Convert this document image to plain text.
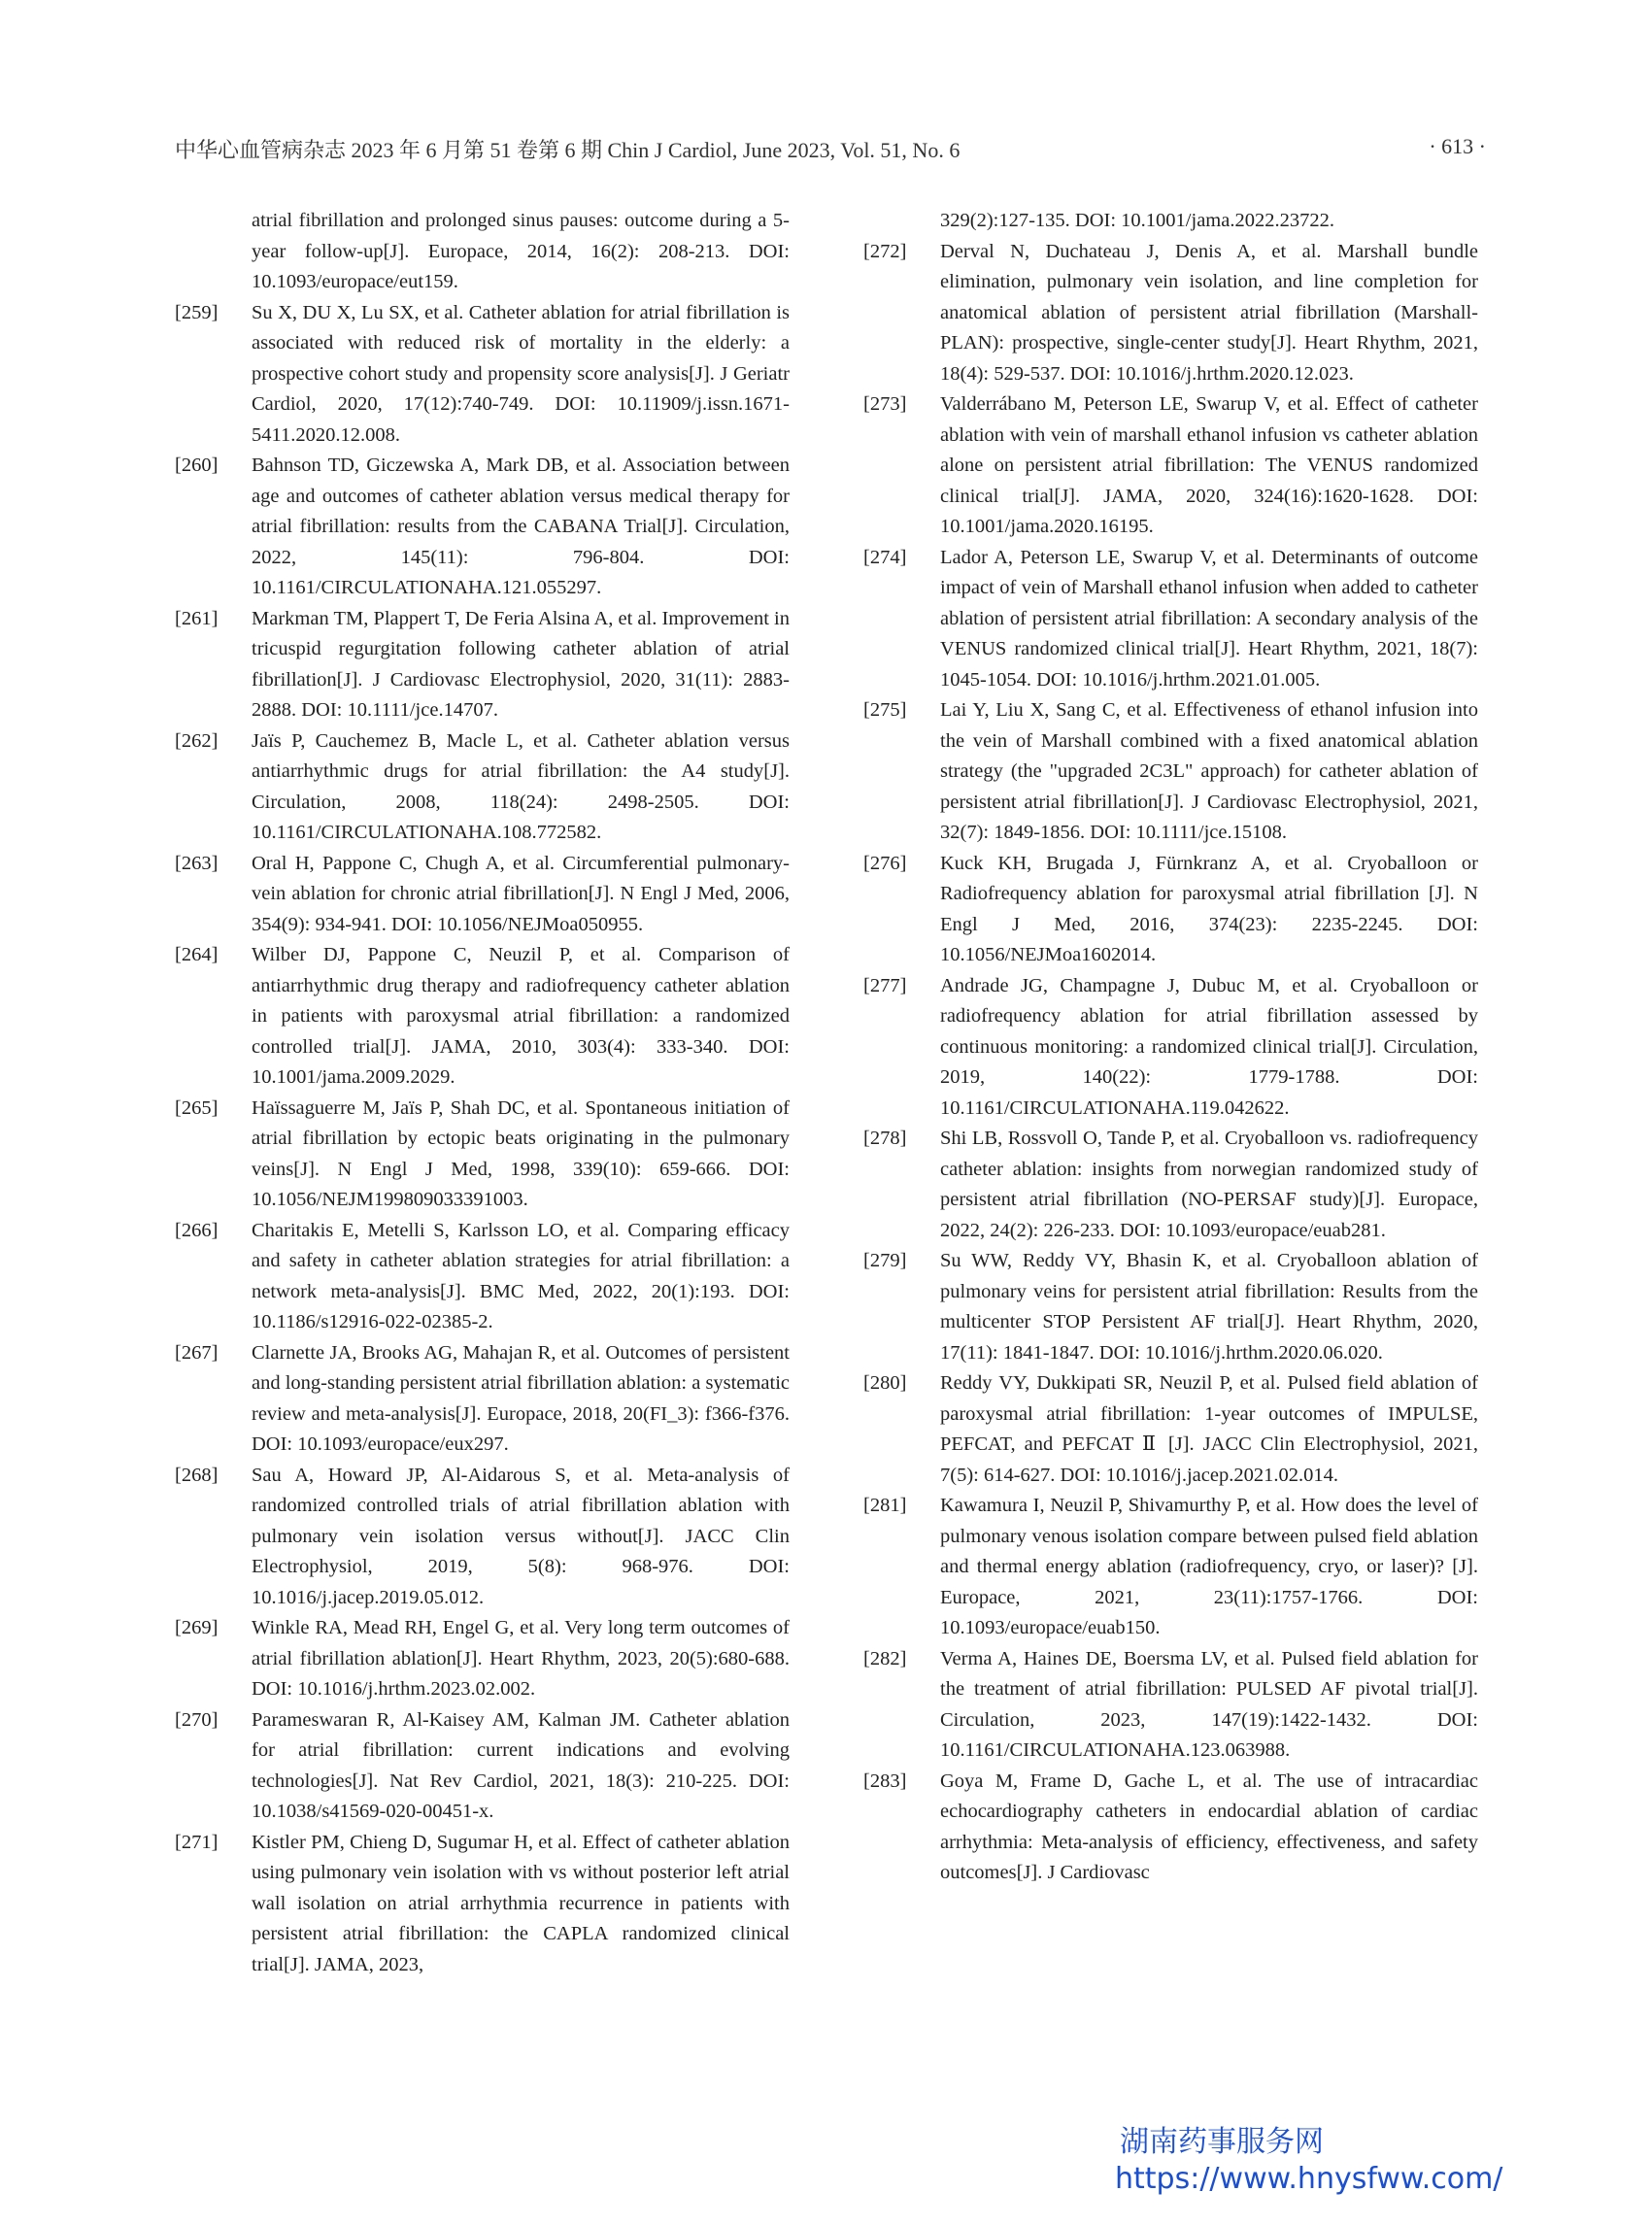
中华心血管病杂志 2023 年 6 月第 51 卷第 6 期 Chin J Cardiol, June 2023, Vol. 51, No. 6	· 613 ·
atrial fibrillation and prolonged sinus pauses: outcome during a 5-year follow-up[J]. Europace, 2014, 16(2): 208-213. DOI: 10.1093/europace/eut159.
[259]	Su X, DU X, Lu SX, et al. Catheter ablation for atrial fibrillation is associated with reduced risk of mortality in the elderly: a prospective cohort study and propensity score analysis[J]. J Geriatr Cardiol, 2020, 17(12):740-749. DOI: 10.11909/j.issn.1671-5411.2020.12.008.
[260]	Bahnson TD, Giczewska A, Mark DB, et al. Association between age and outcomes of catheter ablation versus medical therapy for atrial fibrillation: results from the CABANA Trial[J]. Circulation, 2022, 145(11): 796-804. DOI: 10.1161/CIRCULATIONAHA.121.055297.
[261]	Markman TM, Plappert T, De Feria Alsina A, et al. Improvement in tricuspid regurgitation following catheter ablation of atrial fibrillation[J]. J Cardiovasc Electrophysiol, 2020, 31(11): 2883-2888. DOI: 10.1111/jce.14707.
[262]	Jaïs P, Cauchemez B, Macle L, et al. Catheter ablation versus antiarrhythmic drugs for atrial fibrillation: the A4 study[J]. Circulation, 2008, 118(24): 2498-2505. DOI: 10.1161/CIRCULATIONAHA.108.772582.
[263]	Oral H, Pappone C, Chugh A, et al. Circumferential pulmonary-vein ablation for chronic atrial fibrillation[J]. N Engl J Med, 2006, 354(9): 934-941. DOI: 10.1056/NEJMoa050955.
[264]	Wilber DJ, Pappone C, Neuzil P, et al. Comparison of antiarrhythmic drug therapy and radiofrequency catheter ablation in patients with paroxysmal atrial fibrillation: a randomized controlled trial[J]. JAMA, 2010, 303(4): 333-340. DOI: 10.1001/jama.2009.2029.
[265]	Haïssaguerre M, Jaïs P, Shah DC, et al. Spontaneous initiation of atrial fibrillation by ectopic beats originating in the pulmonary veins[J]. N Engl J Med, 1998, 339(10): 659-666. DOI: 10.1056/NEJM199809033391003.
[266]	Charitakis E, Metelli S, Karlsson LO, et al. Comparing efficacy and safety in catheter ablation strategies for atrial fibrillation: a network meta-analysis[J]. BMC Med, 2022, 20(1):193. DOI: 10.1186/s12916-022-02385-2.
[267]	Clarnette JA, Brooks AG, Mahajan R, et al. Outcomes of persistent and long-standing persistent atrial fibrillation ablation: a systematic review and meta-analysis[J]. Europace, 2018, 20(FI_3): f366-f376. DOI: 10.1093/europace/eux297.
[268]	Sau A, Howard JP, Al-Aidarous S, et al. Meta-analysis of randomized controlled trials of atrial fibrillation ablation with pulmonary vein isolation versus without[J]. JACC Clin Electrophysiol, 2019, 5(8): 968-976. DOI: 10.1016/j.jacep.2019.05.012.
[269]	Winkle RA, Mead RH, Engel G, et al. Very long term outcomes of atrial fibrillation ablation[J]. Heart Rhythm, 2023, 20(5):680-688. DOI: 10.1016/j.hrthm.2023.02.002.
[270]	Parameswaran R, Al-Kaisey AM, Kalman JM. Catheter ablation for atrial fibrillation: current indications and evolving technologies[J]. Nat Rev Cardiol, 2021, 18(3): 210-225. DOI: 10.1038/s41569-020-00451-x.
[271]	Kistler PM, Chieng D, Sugumar H, et al. Effect of catheter ablation using pulmonary vein isolation with vs without posterior left atrial wall isolation on atrial arrhythmia recurrence in patients with persistent atrial fibrillation: the CAPLA randomized clinical trial[J]. JAMA, 2023,
329(2):127-135. DOI: 10.1001/jama.2022.23722.
[272]	Derval N, Duchateau J, Denis A, et al. Marshall bundle elimination, pulmonary vein isolation, and line completion for anatomical ablation of persistent atrial fibrillation (Marshall-PLAN): prospective, single-center study[J]. Heart Rhythm, 2021, 18(4): 529-537. DOI: 10.1016/j.hrthm.2020.12.023.
[273]	Valderrábano M, Peterson LE, Swarup V, et al. Effect of catheter ablation with vein of marshall ethanol infusion vs catheter ablation alone on persistent atrial fibrillation: The VENUS randomized clinical trial[J]. JAMA, 2020, 324(16):1620-1628. DOI: 10.1001/jama.2020.16195.
[274]	Lador A, Peterson LE, Swarup V, et al. Determinants of outcome impact of vein of Marshall ethanol infusion when added to catheter ablation of persistent atrial fibrillation: A secondary analysis of the VENUS randomized clinical trial[J]. Heart Rhythm, 2021, 18(7): 1045-1054. DOI: 10.1016/j.hrthm.2021.01.005.
[275]	Lai Y, Liu X, Sang C, et al. Effectiveness of ethanol infusion into the vein of Marshall combined with a fixed anatomical ablation strategy (the "upgraded 2C3L" approach) for catheter ablation of persistent atrial fibrillation[J]. J Cardiovasc Electrophysiol, 2021, 32(7): 1849-1856. DOI: 10.1111/jce.15108.
[276]	Kuck KH, Brugada J, Fürnkranz A, et al. Cryoballoon or Radiofrequency ablation for paroxysmal atrial fibrillation [J]. N Engl J Med, 2016, 374(23): 2235-2245. DOI: 10.1056/NEJMoa1602014.
[277]	Andrade JG, Champagne J, Dubuc M, et al. Cryoballoon or radiofrequency ablation for atrial fibrillation assessed by continuous monitoring: a randomized clinical trial[J]. Circulation, 2019, 140(22): 1779-1788. DOI: 10.1161/CIRCULATIONAHA.119.042622.
[278]	Shi LB, Rossvoll O, Tande P, et al. Cryoballoon vs. radiofrequency catheter ablation: insights from norwegian randomized study of persistent atrial fibrillation (NO-PERSAF study)[J]. Europace, 2022, 24(2): 226-233. DOI: 10.1093/europace/euab281.
[279]	Su WW, Reddy VY, Bhasin K, et al. Cryoballoon ablation of pulmonary veins for persistent atrial fibrillation: Results from the multicenter STOP Persistent AF trial[J]. Heart Rhythm, 2020, 17(11): 1841-1847. DOI: 10.1016/j.hrthm.2020.06.020.
[280]	Reddy VY, Dukkipati SR, Neuzil P, et al. Pulsed field ablation of paroxysmal atrial fibrillation: 1-year outcomes of IMPULSE, PEFCAT, and PEFCAT Ⅱ [J]. JACC Clin Electrophysiol, 2021, 7(5): 614-627. DOI: 10.1016/j.jacep.2021.02.014.
[281]	Kawamura I, Neuzil P, Shivamurthy P, et al. How does the level of pulmonary venous isolation compare between pulsed field ablation and thermal energy ablation (radiofrequency, cryo, or laser)? [J]. Europace, 2021, 23(11):1757-1766. DOI: 10.1093/europace/euab150.
[282]	Verma A, Haines DE, Boersma LV, et al. Pulsed field ablation for the treatment of atrial fibrillation: PULSED AF pivotal trial[J]. Circulation, 2023, 147(19):1422-1432. DOI: 10.1161/CIRCULATIONAHA.123.063988.
[283]	Goya M, Frame D, Gache L, et al. The use of intracardiac echocardiography catheters in endocardial ablation of cardiac arrhythmia: Meta-analysis of efficiency, effectiveness, and safety outcomes[J]. J Cardiovasc
湖南药事服务网
https://www.hnysfww.com/
